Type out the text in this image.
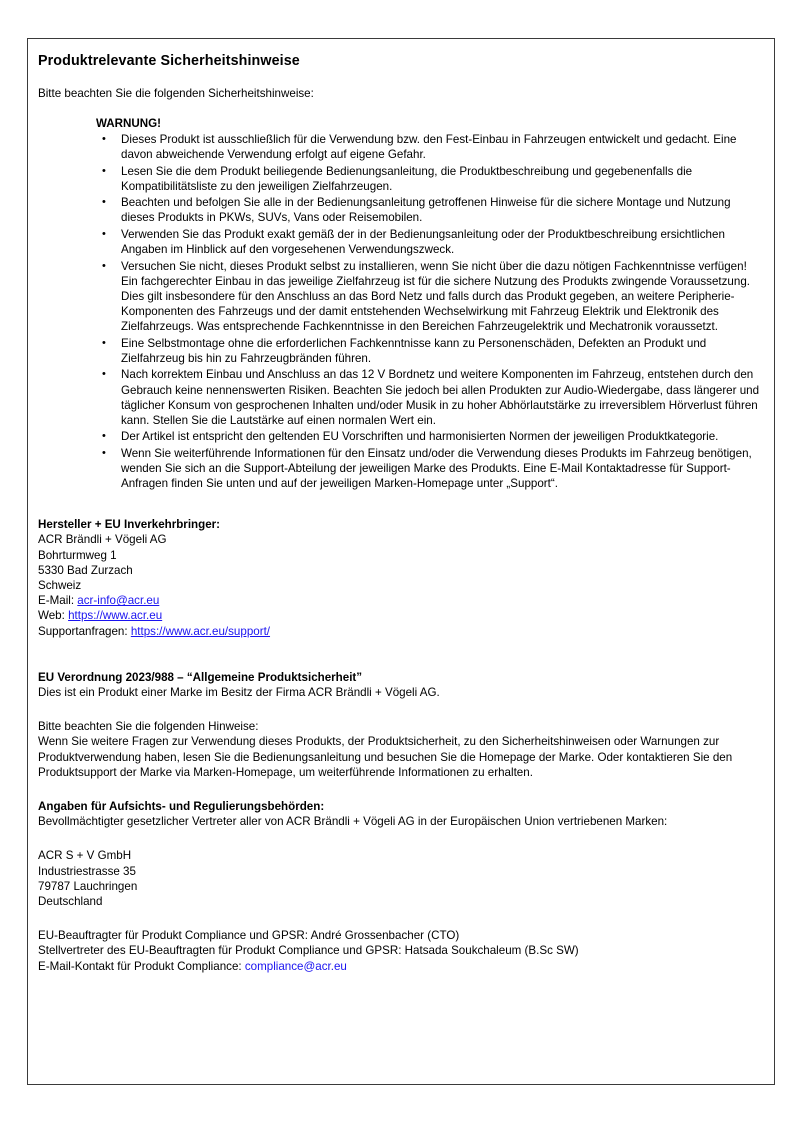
Produktrelevante Sicherheitshinweise
Bitte beachten Sie die folgenden Sicherheitshinweise:
WARNUNG!
• Dieses Produkt ist ausschließlich für die Verwendung bzw. den Fest-Einbau in Fahrzeugen entwickelt und gedacht. Eine davon abweichende Verwendung erfolgt auf eigene Gefahr.
• Lesen Sie die dem Produkt beiliegende Bedienungsanleitung, die Produktbeschreibung und gegebenenfalls die Kompatibilitätsliste zu den jeweiligen Zielfahrzeugen.
• Beachten und befolgen Sie alle in der Bedienungsanleitung getroffenen Hinweise für die sichere Montage und Nutzung dieses Produkts in PKWs, SUVs, Vans oder Reisemobilen.
• Verwenden Sie das Produkt exakt gemäß der in der Bedienungsanleitung oder der Produktbeschreibung ersichtlichen Angaben im Hinblick auf den vorgesehenen Verwendungszweck.
• Versuchen Sie nicht, dieses Produkt selbst zu installieren, wenn Sie nicht über die dazu nötigen Fachkenntnisse verfügen! Ein fachgerechter Einbau in das jeweilige Zielfahrzeug ist für die sichere Nutzung des Produkts zwingende Voraussetzung. Dies gilt insbesondere für den Anschluss an das Bord Netz und falls durch das Produkt gegeben, an weitere Peripherie-Komponenten des Fahrzeugs und der damit entstehenden Wechselwirkung mit Fahrzeug Elektrik und Elektronik des Zielfahrzeugs. Was entsprechende Fachkenntnisse in den Bereichen Fahrzeugelektrik und Mechatronik voraussetzt.
• Eine Selbstmontage ohne die erforderlichen Fachkenntnisse kann zu Personenschäden, Defekten an Produkt und Zielfahrzeug bis hin zu Fahrzeugbränden führen.
• Nach korrektem Einbau und Anschluss an das 12 V Bordnetz und weitere Komponenten im Fahrzeug, entstehen durch den Gebrauch keine nennenswerten Risiken. Beachten Sie jedoch bei allen Produkten zur Audio-Wiedergabe, dass längerer und täglicher Konsum von gesprochenen Inhalten und/oder Musik in zu hoher Abhörlautstärke zu irreversiblem Hörverlust führen kann. Stellen Sie die Lautstärke auf einen normalen Wert ein.
• Der Artikel ist entspricht den geltenden EU Vorschriften und harmonisierten Normen der jeweiligen Produktkategorie.
• Wenn Sie weiterführende Informationen für den Einsatz und/oder die Verwendung dieses Produkts im Fahrzeug benötigen, wenden Sie sich an die Support-Abteilung der jeweiligen Marke des Produkts. Eine E-Mail Kontaktadresse für Support-Anfragen finden Sie unten und auf der jeweiligen Marken-Homepage unter „Support“.
Hersteller + EU Inverkehrbringer:
ACR Brändli + Vögeli AG
Bohrturmweg 1
5330 Bad Zurzach
Schweiz
E-Mail: acr-info@acr.eu
Web: https://www.acr.eu
Supportanfragen: https://www.acr.eu/support/
EU Verordnung 2023/988 – “Allgemeine Produktsicherheit”
Dies ist ein Produkt einer Marke im Besitz der Firma ACR Brändli + Vögeli AG.
Bitte beachten Sie die folgenden Hinweise:
Wenn Sie weitere Fragen zur Verwendung dieses Produkts, der Produktsicherheit, zu den Sicherheitshinweisen oder Warnungen zur Produktverwendung haben, lesen Sie die Bedienungsanleitung und besuchen Sie die Homepage der Marke. Oder kontaktieren Sie den Produktsupport der Marke via Marken-Homepage, um weiterführende Informationen zu erhalten.
Angaben für Aufsichts- und Regulierungsbehörden:
Bevollmächtigter gesetzlicher Vertreter aller von ACR Brändli + Vögeli AG in der Europäischen Union vertriebenen Marken:
ACR S + V GmbH
Industriestrasse 35
79787 Lauchringen
Deutschland
EU-Beauftragter für Produkt Compliance und GPSR: André Grossenbacher (CTO)
Stellvertreter des EU-Beauftragten für Produkt Compliance und GPSR: Hatsada Soukchaleum (B.Sc SW)
E-Mail-Kontakt für Produkt Compliance: compliance@acr.eu
